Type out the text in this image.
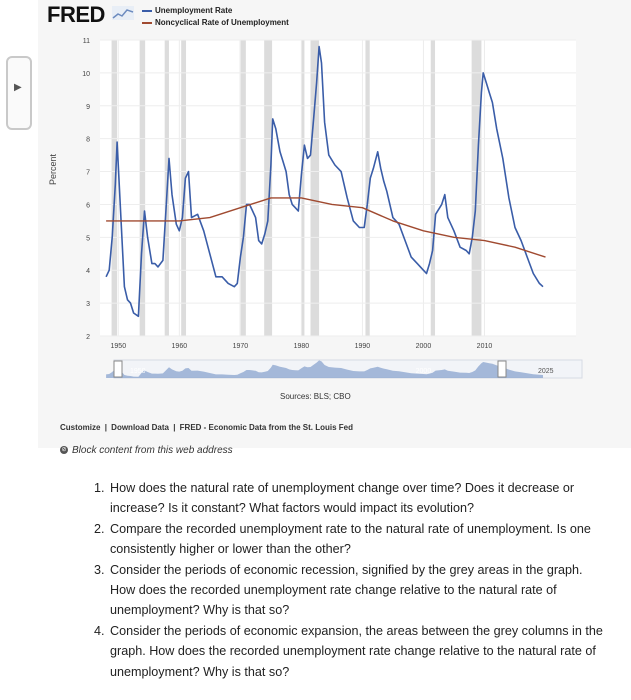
▶
FRED	Unemployment Rate
Noncyclical Rate of Unemployment
Percent
1950	1960	1970	1980	1990	2000	2010
2
3
4
5
6
7
8
9
10
11
1950	2000	2025
Sources: BLS; CBO
Customize | Download Data | FRED - Economic Data from the St. Louis Fed
⊘ Block content from this web address
1. How does the natural rate of unemployment change over time? Does it decrease or increase? Is it constant? What factors would impact its evolution?
2. Compare the recorded unemployment rate to the natural rate of unemployment. Is one consistently higher or lower than the other?
3. Consider the periods of economic recession, signified by the grey areas in the graph. How does the recorded unemployment rate change relative to the natural rate of unemployment? Why is that so?
4. Consider the periods of economic expansion, the areas between the grey columns in the graph. How does the recorded unemployment rate change relative to the natural rate of unemployment? Why is that so?
